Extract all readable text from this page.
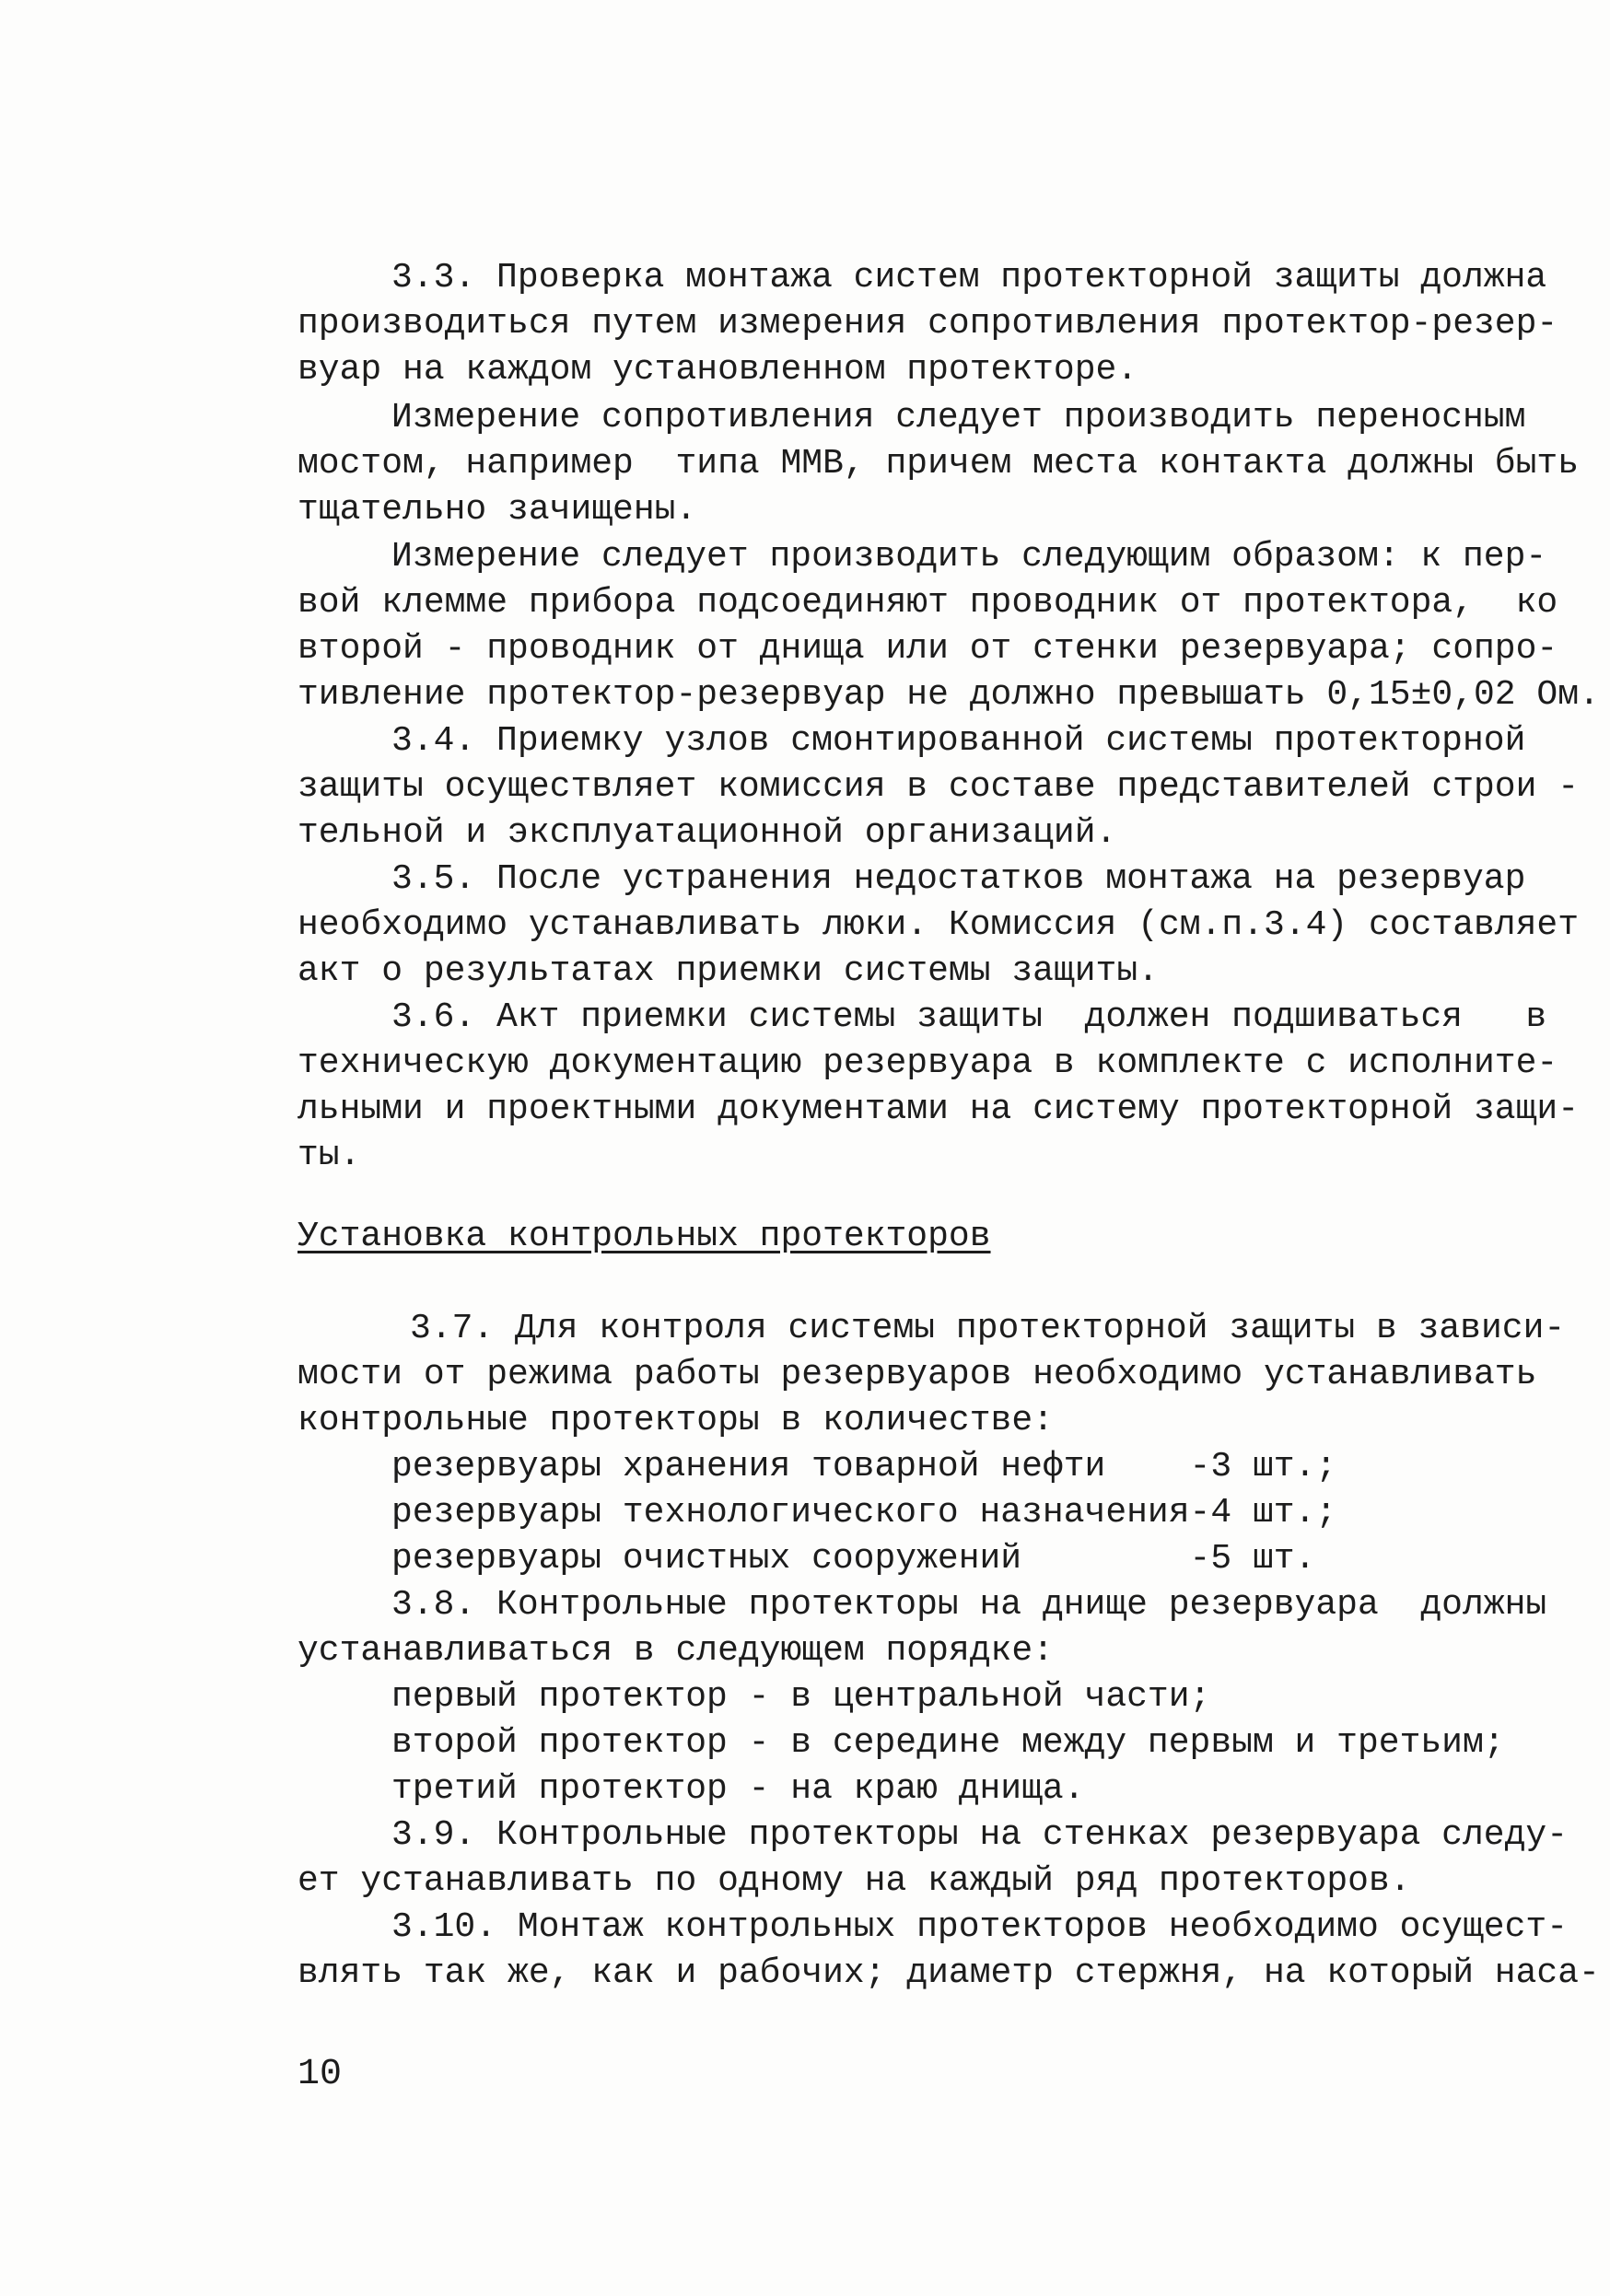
3.3. Проверка монтажа систем протекторной защиты должна
производиться путем измерения сопротивления протектор-резер-
вуар на каждом установленном протекторе.
Измерение сопротивления следует производить переносным
мостом, например  типа ММВ, причем места контакта должны быть
тщательно зачищены.
Измерение следует производить следующим образом: к пер-
вой клемме прибора подсоединяют проводник от протектора,  ко
второй - проводник от днища или от стенки резервуара; сопро-
тивление протектор-резервуар не должно превышать 0,15±0,02 Ом.
3.4. Приемку узлов смонтированной системы протекторной
защиты осуществляет комиссия в составе представителей строи -
тельной и эксплуатационной организаций.
3.5. После устранения недостатков монтажа на резервуар
необходимо устанавливать люки. Комиссия (см.п.3.4) составляет
акт о результатах приемки системы защиты.
3.6. Акт приемки системы защиты  должен подшиваться   в
техническую документацию резервуара в комплекте с исполните-
льными и проектными документами на систему протекторной защи-
ты.
Установка контрольных протекторов
3.7. Для контроля системы протекторной защиты в зависи-
мости от режима работы резервуаров необходимо устанавливать
контрольные протекторы в количестве:
резервуары хранения товарной нефти    -3 шт.;
резервуары технологического назначения-4 шт.;
резервуары очистных сооружений        -5 шт.
3.8. Контрольные протекторы на днище резервуара  должны
устанавливаться в следующем порядке:
первый протектор - в центральной части;
второй протектор - в середине между первым и третьим;
третий протектор - на краю днища.
3.9. Контрольные протекторы на стенках резервуара следу-
ет устанавливать по одному на каждый ряд протекторов.
3.10. Монтаж контрольных протекторов необходимо осущест-
влять так же, как и рабочих; диаметр стержня, на который наса-
10
